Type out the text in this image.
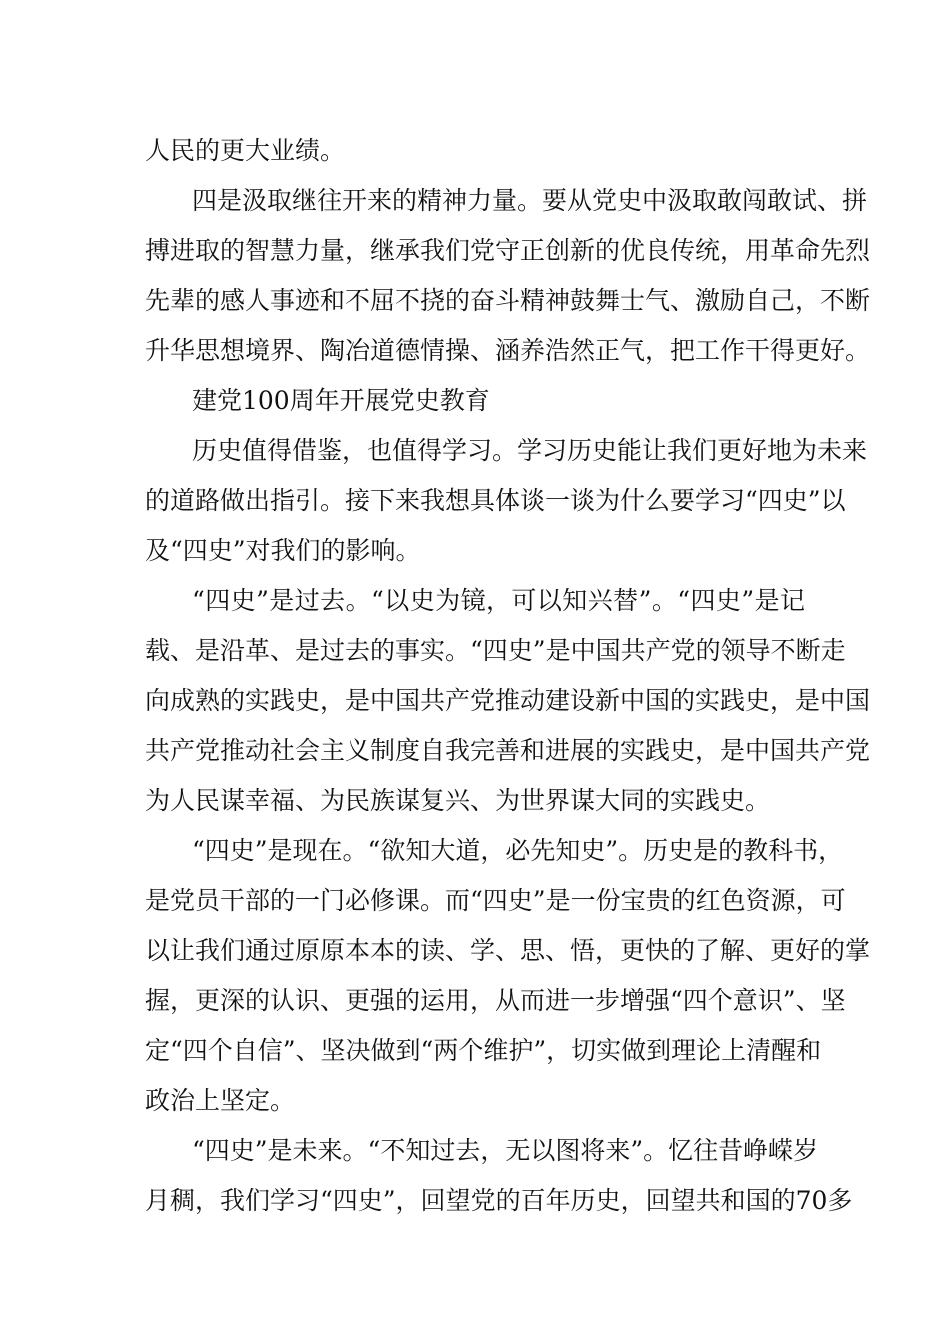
人民的更大业绩。
四是汲取继往开来的精神力量。要从党史中汲取敢闯敢试、拼
搏进取的智慧力量，继承我们党守正创新的优良传统，用革命先烈
先辈的感人事迹和不屈不挠的奋斗精神鼓舞士气、激励自己，不断
升华思想境界、陶冶道德情操、涵养浩然正气，把工作干得更好。
建党100周年开展党史教育
历史值得借鉴，也值得学习。学习历史能让我们更好地为未来
的道路做出指引。接下来我想具体谈一谈为什么要学习“四史”以
及“四史”对我们的影响。
“四史”是过去。“以史为镜，可以知兴替”。“四史”是记
载、是沿革、是过去的事实。“四史”是中国共产党的领导不断走
向成熟的实践史，是中国共产党推动建设新中国的实践史，是中国
共产党推动社会主义制度自我完善和进展的实践史，是中国共产党
为人民谋幸福、为民族谋复兴、为世界谋大同的实践史。
“四史”是现在。“欲知大道，必先知史”。历史是的教科书，
是党员干部的一门必修课。而“四史”是一份宝贵的红色资源，可
以让我们通过原原本本的读、学、思、悟，更快的了解、更好的掌
握，更深的认识、更强的运用，从而进一步增强“四个意识”、坚
定“四个自信”、坚决做到“两个维护”，切实做到理论上清醒和
政治上坚定。
“四史”是未来。“不知过去，无以图将来”。忆往昔峥嵘岁
月稠，我们学习“四史”，回望党的百年历史，回望共和国的70多
